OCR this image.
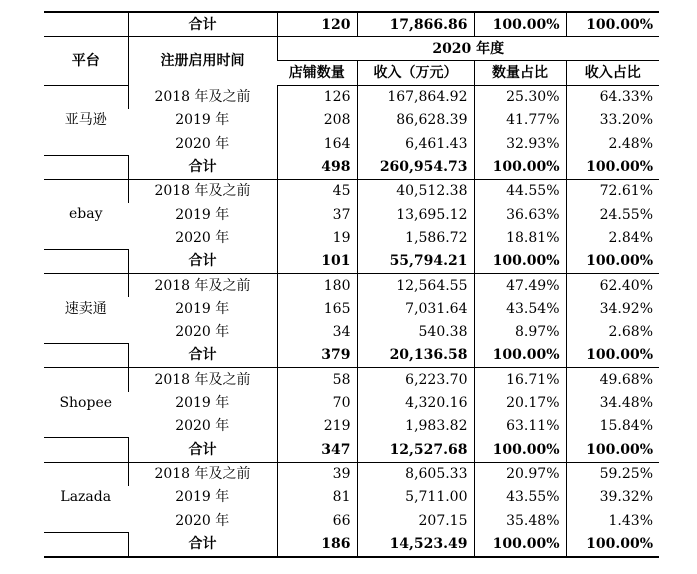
	合计	120	17,866.86	100.00%	100.00%
平台	注册启用时间	2020 年度			
		店铺数量	收入（万元）	数量占比	收入占比
亚马逊	2018 年及之前	126	167,864.92	25.30%	64.33%
	2019 年	208	86,628.39	41.77%	33.20%
	2020 年	164	6,461.43	32.93%	2.48%
	合计	498	260,954.73	100.00%	100.00%
ebay	2018 年及之前	45	40,512.38	44.55%	72.61%
	2019 年	37	13,695.12	36.63%	24.55%
	2020 年	19	1,586.72	18.81%	2.84%
	合计	101	55,794.21	100.00%	100.00%
速卖通	2018 年及之前	180	12,564.55	47.49%	62.40%
	2019 年	165	7,031.64	43.54%	34.92%
	2020 年	34	540.38	8.97%	2.68%
	合计	379	20,136.58	100.00%	100.00%
Shopee	2018 年及之前	58	6,223.70	16.71%	49.68%
	2019 年	70	4,320.16	20.17%	34.48%
	2020 年	219	1,983.82	63.11%	15.84%
	合计	347	12,527.68	100.00%	100.00%
Lazada	2018 年及之前	39	8,605.33	20.97%	59.25%
	2019 年	81	5,711.00	43.55%	39.32%
	2020 年	66	207.15	35.48%	1.43%
	合计	186	14,523.49	100.00%	100.00%
